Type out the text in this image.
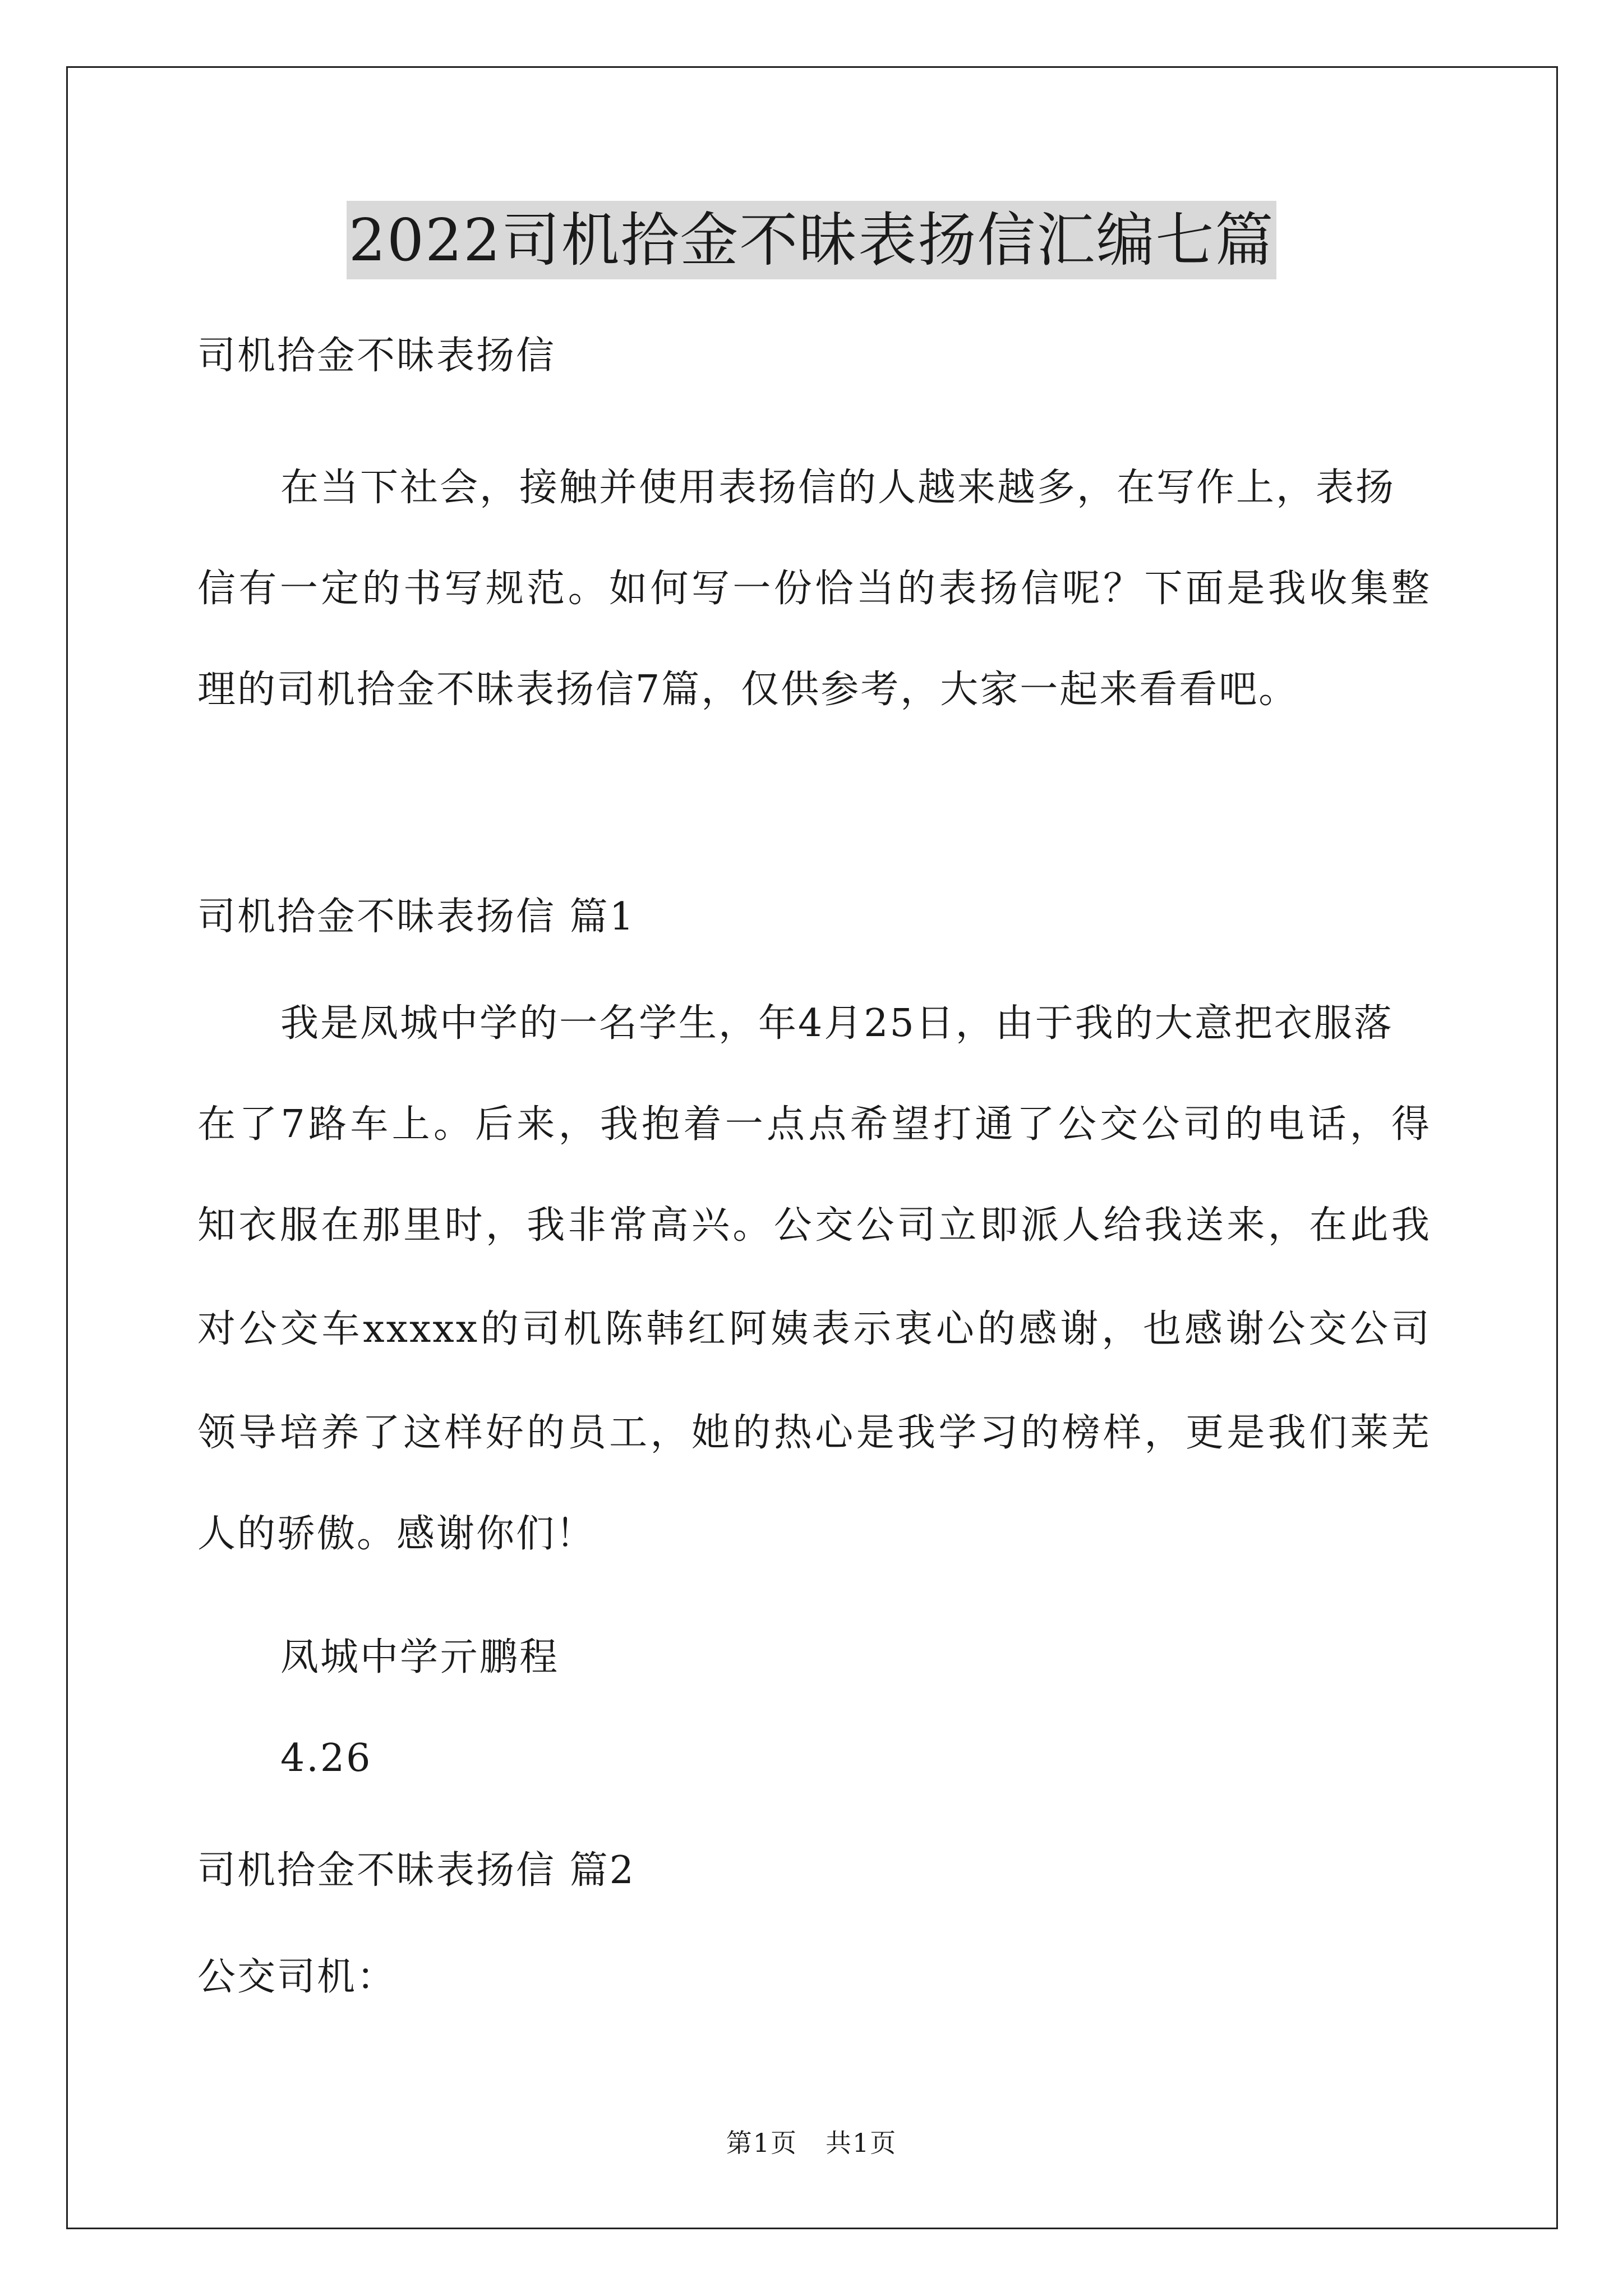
2022司机拾金不昧表扬信汇编七篇
司机拾金不昧表扬信
在当下社会，接触并使用表扬信的人越来越多，在写作上，表扬
信有一定的书写规范。如何写一份恰当的表扬信呢？下面是我收集整
理的司机拾金不昧表扬信7篇，仅供参考，大家一起来看看吧。
司机拾金不昧表扬信 篇1
我是凤城中学的一名学生，年4月25日，由于我的大意把衣服落
在了7路车上。后来，我抱着一点点希望打通了公交公司的电话，得
知衣服在那里时，我非常高兴。公交公司立即派人给我送来，在此我
对公交车xxxxx的司机陈韩红阿姨表示衷心的感谢，也感谢公交公司
领导培养了这样好的员工，她的热心是我学习的榜样，更是我们莱芜
人的骄傲。感谢你们！
凤城中学亓鹏程
4.26
司机拾金不昧表扬信 篇2
公交司机：
第1页 共1页
